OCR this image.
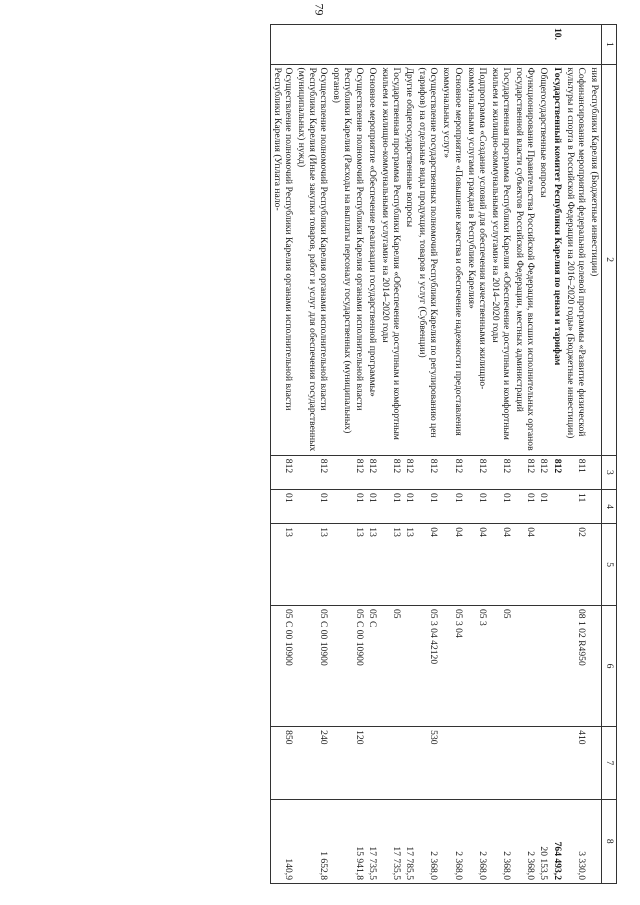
79
1	2	3	4	5	6	7	8
	ния Республики Карелия (Бюджетные инвестиции)						
	Софинансирование мероприятий федеральной целевой программы «Развитие физической культуры и спорта в Российской Федерации на 2016–2020 годы» (Бюджетные инвестиции)	811	11	02	08 1 02 R4950	410	3 330,0
10.	Государственный комитет Республики Карелия по ценам и тарифам	812					764 493,2
	Общегосударственные вопросы	812	01				20 153,5
	Функционирование Правительства Российской Федерации, высших исполнительных органов государственной власти субъектов Российской Федерации, местных администраций	812	01	04			2 368,0
	Государственная программа Республики Карелия «Обеспечение доступным и комфортным жильем и жилищно-коммунальными услугами» на 2014–2020 годы	812	01	04	05		2 368,0
	Подпрограмма «Создание условий для обеспечения качественными жилищно-коммунальными услугами граждан в Республике Карелия»	812	01	04	05 3		2 368,0
	Основное мероприятие «Повышение качества и обеспечение надежности предоставления коммунальных услуг»	812	01	04	05 3 04		2 368,0
	Осуществление государственных полномочий Республики Карелия по регулированию цен (тарифов) на отдельные виды продукции, товаров и услуг (Субвенции)	812	01	04	05 3 04 42120	530	2 368,0
	Другие общегосударственные вопросы	812	01	13			17 785,5
	Государственная программа Республики Карелия «Обеспечение доступным и комфортным жильем и жилищно-коммунальными услугами» на 2014–2020 годы	812	01	13	05		17 735,5
	Основное мероприятие «Обеспечение реализации государственной программы»	812	01	13	05 С		17 735,5
	Осуществление полномочий Республики Карелия органами исполнительной власти Республики Карелия (Расходы на выплаты персоналу государственных (муниципальных) органов)	812	01	13	05 С 00 10900	120	15 941,8
	Осуществление полномочий Республики Карелия органами исполнительной власти Республики Карелия (Иные закупки товаров, работ и услуг для обеспечения государственных (муниципальных) нужд)	812	01	13	05 С 00 10900	240	1 652,8
	Осуществление полномочий Республики Карелия органами исполнительной власти Республики Карелия (Уплата нало-	812	01	13	05 С 00 10900	850	140,9
